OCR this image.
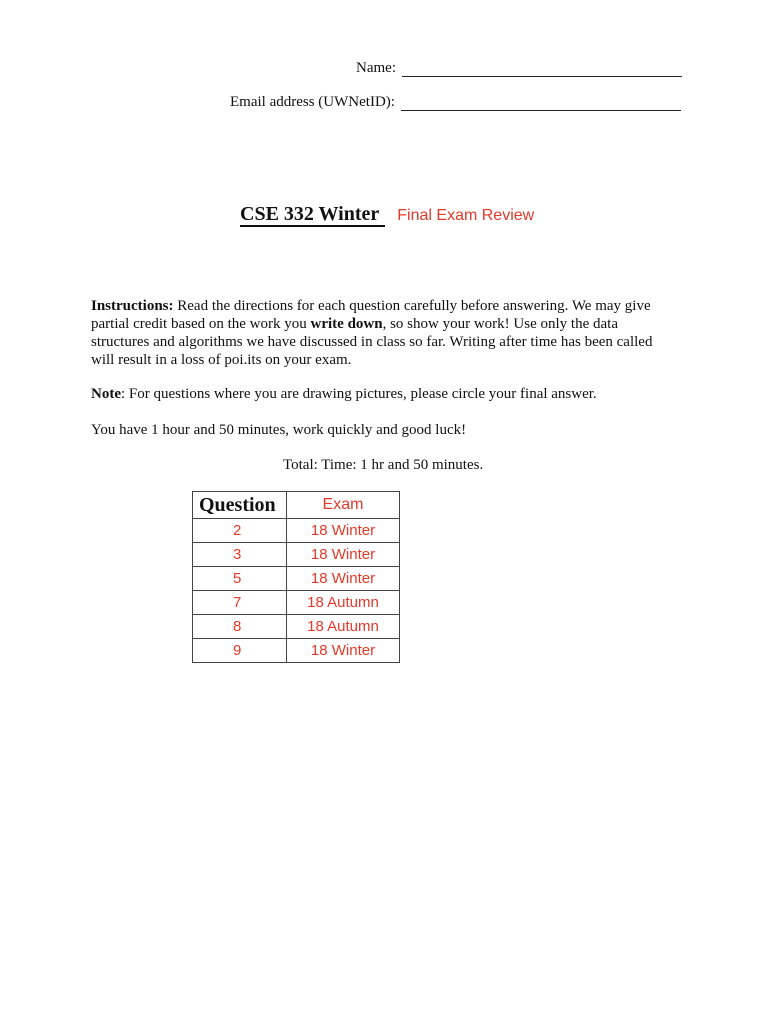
Name:
Email address (UWNetID):
CSE 332 Winter	Final Exam Review
Instructions: Read the directions for each question carefully before answering. We may give partial credit based on the work you write down, so show your work! Use only the data structures and algorithms we have discussed in class so far. Writing after time has been called will result in a loss of poi.its on your exam.
Note: For questions where you are drawing pictures, please circle your final answer.
You have 1 hour and 50 minutes, work quickly and good luck!
Total: Time: 1 hr and 50 minutes.
Question	Exam
2	18 Winter
3	18 Winter
5	18 Winter
7	18 Autumn
8	18 Autumn
9	18 Winter
